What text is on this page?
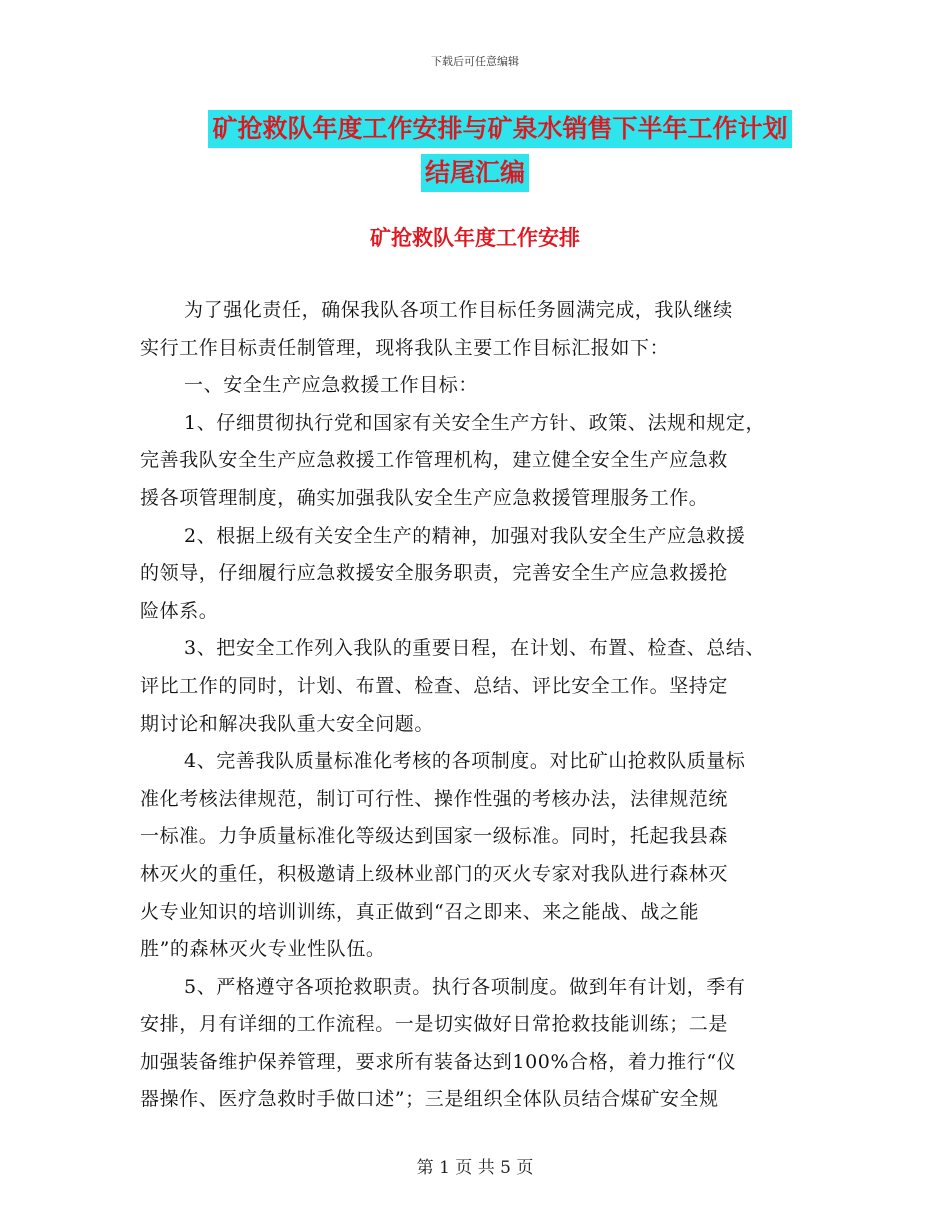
下载后可任意编辑
矿抢救队年度工作安排与矿泉水销售下半年工作计划
结尾汇编
矿抢救队年度工作安排

为了强化责任，确保我队各项工作目标任务圆满完成，我队继续

实行工作目标责任制管理，现将我队主要工作目标汇报如下：

一、安全生产应急救援工作目标：

1、仔细贯彻执行党和国家有关安全生产方针、政策、法规和规定，

完善我队安全生产应急救援工作管理机构，建立健全安全生产应急救

援各项管理制度，确实加强我队安全生产应急救援管理服务工作。

2、根据上级有关安全生产的精神，加强对我队安全生产应急救援

的领导，仔细履行应急救援安全服务职责，完善安全生产应急救援抢

险体系。

3、把安全工作列入我队的重要日程，在计划、布置、检查、总结、

评比工作的同时，计划、布置、检查、总结、评比安全工作。坚持定

期讨论和解决我队重大安全问题。

4、完善我队质量标准化考核的各项制度。对比矿山抢救队质量标

准化考核法律规范，制订可行性、操作性强的考核办法，法律规范统

一标准。力争质量标准化等级达到国家一级标准。同时，托起我县森

林灭火的重任，积极邀请上级林业部门的灭火专家对我队进行森林灭

火专业知识的培训训练，真正做到“召之即来、来之能战、战之能

胜”的森林灭火专业性队伍。

5、严格遵守各项抢救职责。执行各项制度。做到年有计划，季有

安排，月有详细的工作流程。一是切实做好日常抢救技能训练；二是

加强装备维护保养管理，要求所有装备达到100%合格，着力推行“仪

器操作、医疗急救时手做口述”；三是组织全体队员结合煤矿安全规

第 1 页 共 5 页
